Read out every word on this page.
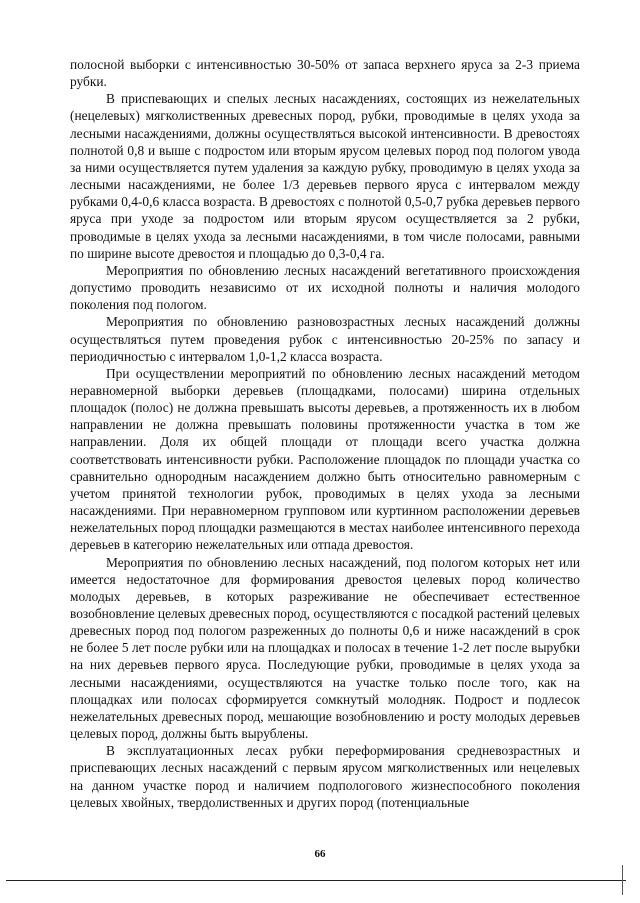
полосной выборки с интенсивностью 30-50% от запаса верхнего яруса за 2-3 приема рубки.

В приспевающих и спелых лесных насаждениях, состоящих из нежелательных (нецелевых) мягколиственных древесных пород, рубки, проводимые в целях ухода за лесными насаждениями, должны осуществляться высокой интенсивности. В древостоях полнотой 0,8 и выше с подростом или вторым ярусом целевых пород под пологом увода за ними осуществляется путем удаления за каждую рубку, проводимую в целях ухода за лесными насаждениями, не более 1/3 деревьев первого яруса с интервалом между рубками 0,4-0,6 класса возраста. В древостоях с полнотой 0,5-0,7 рубка деревьев первого яруса при уходе за подростом или вторым ярусом осуществляется за 2 рубки, проводимые в целях ухода за лесными насаждениями, в том числе полосами, равными по ширине высоте древостоя и площадью до 0,3-0,4 га.

Мероприятия по обновлению лесных насаждений вегетативного происхождения допустимо проводить независимо от их исходной полноты и наличия молодого поколения под пологом.

Мероприятия по обновлению разновозрастных лесных насаждений должны осуществляться путем проведения рубок с интенсивностью 20-25% по запасу и периодичностью с интервалом 1,0-1,2 класса возраста.

При осуществлении мероприятий по обновлению лесных насаждений методом неравномерной выборки деревьев (площадками, полосами) ширина отдельных площадок (полос) не должна превышать высоты деревьев, а протяженность их в любом направлении не должна превышать половины протяженности участка в том же направлении. Доля их общей площади от площади всего участка должна соответствовать интенсивности рубки. Расположение площадок по площади участка со сравнительно однородным насаждением должно быть относительно равномерным с учетом принятой технологии рубок, проводимых в целях ухода за лесными насаждениями. При неравномерном групповом или куртинном расположении деревьев нежелательных пород площадки размещаются в местах наиболее интенсивного перехода деревьев в категорию нежелательных или отпада древостоя.

Мероприятия по обновлению лесных насаждений, под пологом которых нет или имеется недостаточное для формирования древостоя целевых пород количество молодых деревьев, в которых разреживание не обеспечивает естественное возобновление целевых древесных пород, осуществляются с посадкой растений целевых древесных пород под пологом разреженных до полноты 0,6 и ниже насаждений в срок не более 5 лет после рубки или на площадках и полосах в течение 1-2 лет после вырубки на них деревьев первого яруса. Последующие рубки, проводимые в целях ухода за лесными насаждениями, осуществляются на участке только после того, как на площадках или полосах сформируется сомкнутый молодняк. Подрост и подлесок нежелательных древесных пород, мешающие возобновлению и росту молодых деревьев целевых пород, должны быть вырублены.

В эксплуатационных лесах рубки переформирования средневозрастных и приспевающих лесных насаждений с первым ярусом мягколиственных или нецелевых на данном участке пород и наличием подпологового жизнеспособного поколения целевых хвойных, твердолиственных и других пород (потенциальные

66
